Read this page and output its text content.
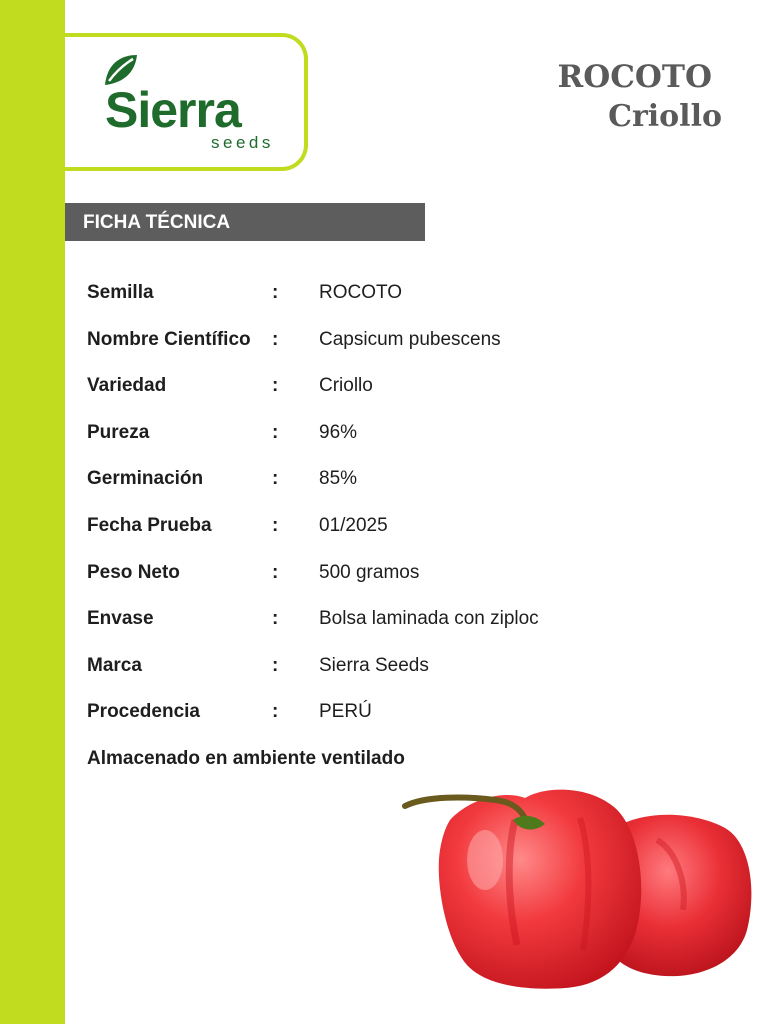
Sierra
seeds
ROCOTO
Criollo
FICHA TÉCNICA
Semilla	: ROCOTO
Nombre Científico : Capsicum pubescens
Variedad	: Criollo
Pureza	: 96%
Germinación	: 85%
Fecha Prueba	: 01/2025
Peso Neto	: 500 gramos
Envase	: Bolsa laminada con ziploc
Marca	: Sierra Seeds
Procedencia	: PERÚ
Almacenado en ambiente ventilado
